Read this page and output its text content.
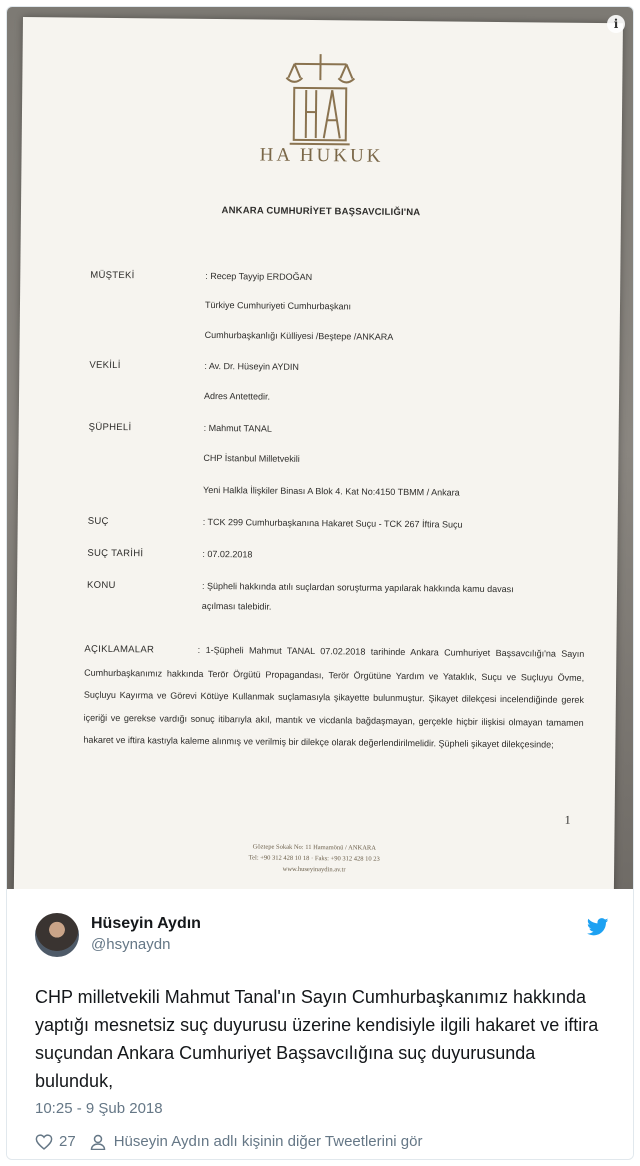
HA HUKUK
ANKARA CUMHURİYET BAŞSAVCILIĞI'NA
MÜŞTEKİ	: Recep Tayyip ERDOĞAN
Türkiye Cumhuriyeti Cumhurbaşkanı
Cumhurbaşkanlığı Külliyesi /Beştepe /ANKARA
VEKİLİ	: Av. Dr. Hüseyin AYDIN
Adres Antettedir.
ŞÜPHELİ	: Mahmut TANAL
CHP İstanbul Milletvekili
Yeni Halkla İlişkiler Binası A Blok 4. Kat No:4150 TBMM / Ankara
SUÇ	: TCK 299 Cumhurbaşkanına Hakaret Suçu - TCK 267 İftira Suçu
SUÇ TARİHİ	: 07.02.2018
KONU	: Şüpheli hakkında atılı suçlardan soruşturma yapılarak hakkında kamu davası
açılması talebidir.
AÇIKLAMALAR	: 1-Şüpheli Mahmut TANAL 07.02.2018 tarihinde Ankara Cumhuriyet Başsavcılığı'na Sayın Cumhurbaşkanımız hakkında Terör Örgütü Propagandası, Terör Örgütüne Yardım ve Yataklık, Suçu ve Suçluyu Övme, Suçluyu Kayırma ve Görevi Kötüye Kullanmak suçlamasıyla şikayette bulunmuştur. Şikayet dilekçesi incelendiğinde gerek içeriği ve gerekse vardığı sonuç itibarıyla akıl, mantık ve vicdanla bağdaşmayan, gerçekle hiçbir ilişkisi olmayan tamamen hakaret ve iftira kastıyla kaleme alınmış ve verilmiş bir dilekçe olarak değerlendirilmelidir. Şüpheli şikayet dilekçesinde;
1
Göztepe Sokak No: 11 Hamamönü / ANKARA
Tel: +90 312 428 10 18 · Faks: +90 312 428 10 23
www.huseyinaydin.av.tr
i
Hüseyin Aydın
@hsynaydn
CHP milletvekili Mahmut Tanal'ın Sayın Cumhurbaşkanımız hakkında yaptığı mesnetsiz suç duyurusu üzerine kendisiyle ilgili hakaret ve iftira suçundan Ankara Cumhuriyet Başsavcılığına suç duyurusunda bulunduk,
10:25 - 9 Şub 2018
27	Hüseyin Aydın adlı kişinin diğer Tweetlerini gör
